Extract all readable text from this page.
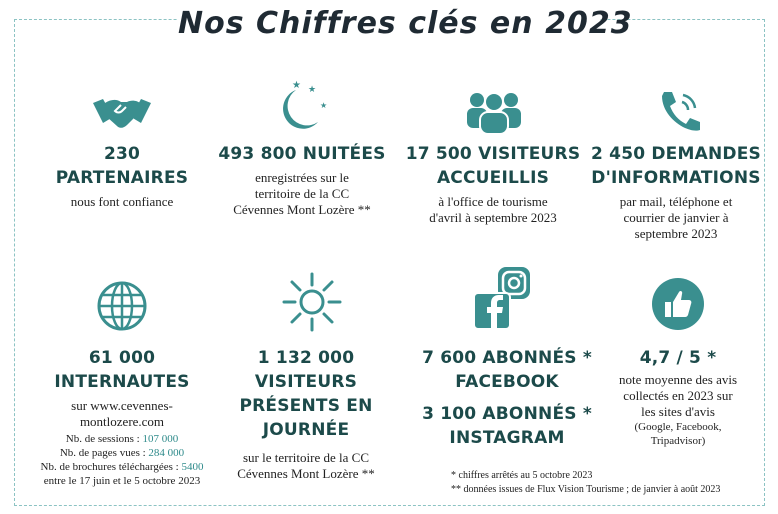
Nos Chiffres clés en 2023
230
PARTENAIRES
nous font confiance
★ ★
★
493 800 NUITÉES
enregistrées sur le
territoire de la CC
Cévennes Mont Lozère **
17 500 VISITEURS
ACCUEILLIS
à l'office de tourisme
d'avril à septembre 2023
2 450 DEMANDES
D'INFORMATIONS
par mail, téléphone et
courrier de janvier à
septembre 2023
61 000 INTERNAUTES
sur www.cevennes-
montlozere.com
Nb. de sessions : 107 000
Nb. de pages vues : 284 000
Nb. de brochures téléchargées : 5400
entre le 17 juin et le 5 octobre 2023
1 132 000 VISITEURS
PRÉSENTS EN JOURNÉE
sur le territoire de la CC
Cévennes Mont Lozère **
7 600 ABONNÉS *
FACEBOOK
3 100 ABONNÉS *
INSTAGRAM
4,7 / 5 *
note moyenne des avis
collectés en 2023 sur
les sites d'avis
(Google, Facebook,
Tripadvisor)
* chiffres arrêtés au 5 octobre 2023
** données issues de Flux Vision Tourisme ; de janvier à août 2023
